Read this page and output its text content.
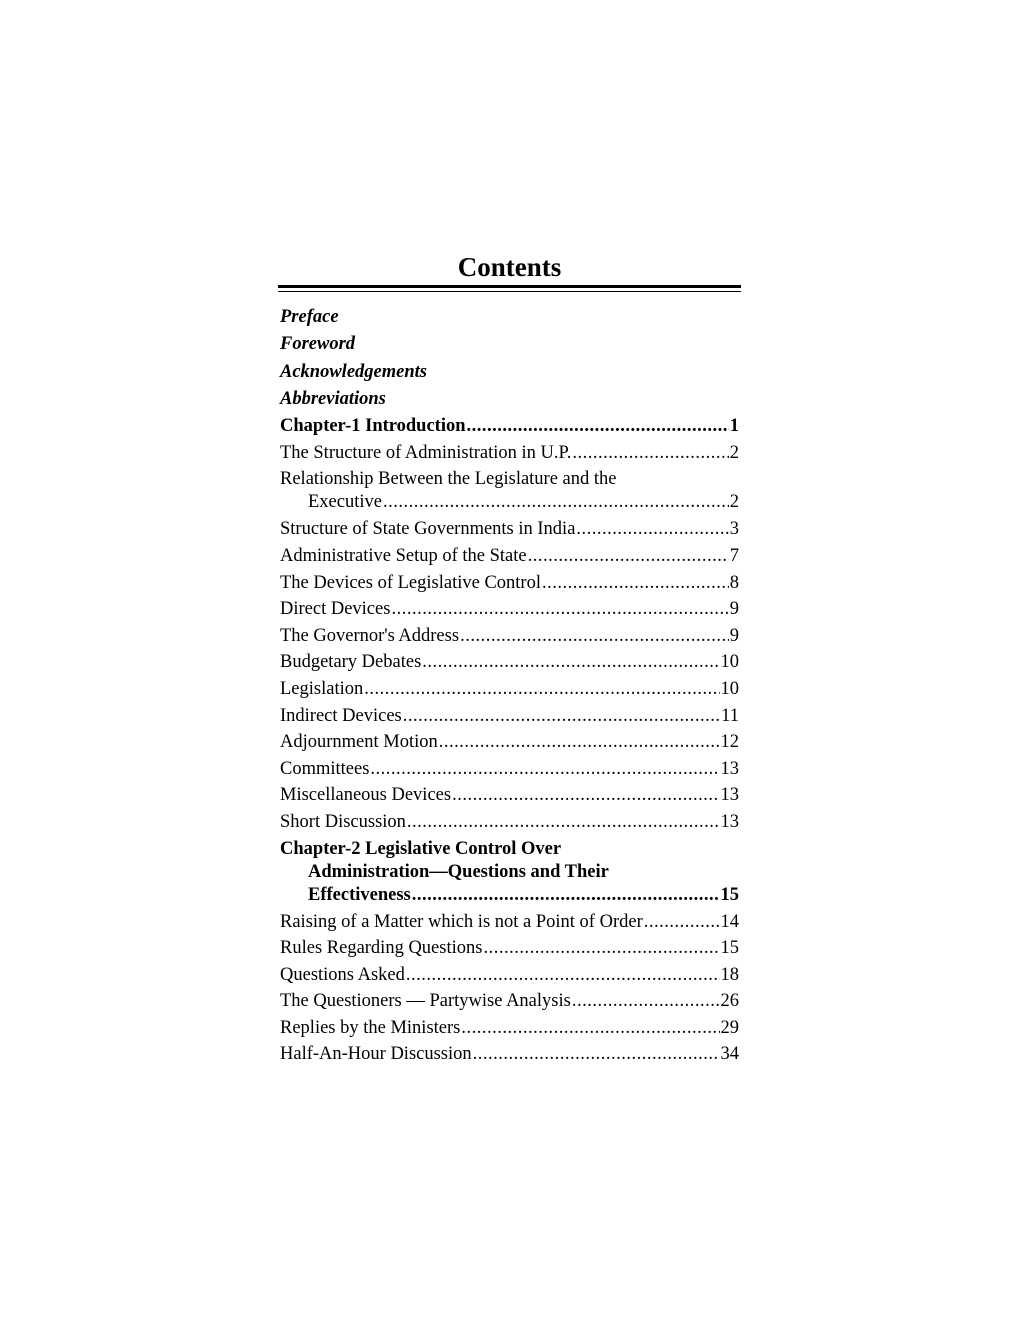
Contents
Preface
Foreword
Acknowledgements
Abbreviations
Chapter-1 Introduction .....	1
The Structure of Administration in U.P. .....	2
Relationship Between the Legislature and the
Executive .....	2
Structure of State Governments in India .....	3
Administrative Setup of the State .....	7
The Devices of Legislative Control .....	8
Direct Devices .....	9
The Governor's Address .....	9
Budgetary Debates .....	10
Legislation .....	10
Indirect Devices .....	11
Adjournment Motion .....	12
Committees .....	13
Miscellaneous Devices .....	13
Short Discussion .....	13
Chapter-2 Legislative Control Over
Administration—Questions and Their
Effectiveness .....	15
Raising of a Matter which is not a Point of Order .....	14
Rules Regarding Questions .....	15
Questions Asked .....	18
The Questioners — Partywise Analysis .....	26
Replies by the Ministers .....	29
Half-An-Hour Discussion .....	34
